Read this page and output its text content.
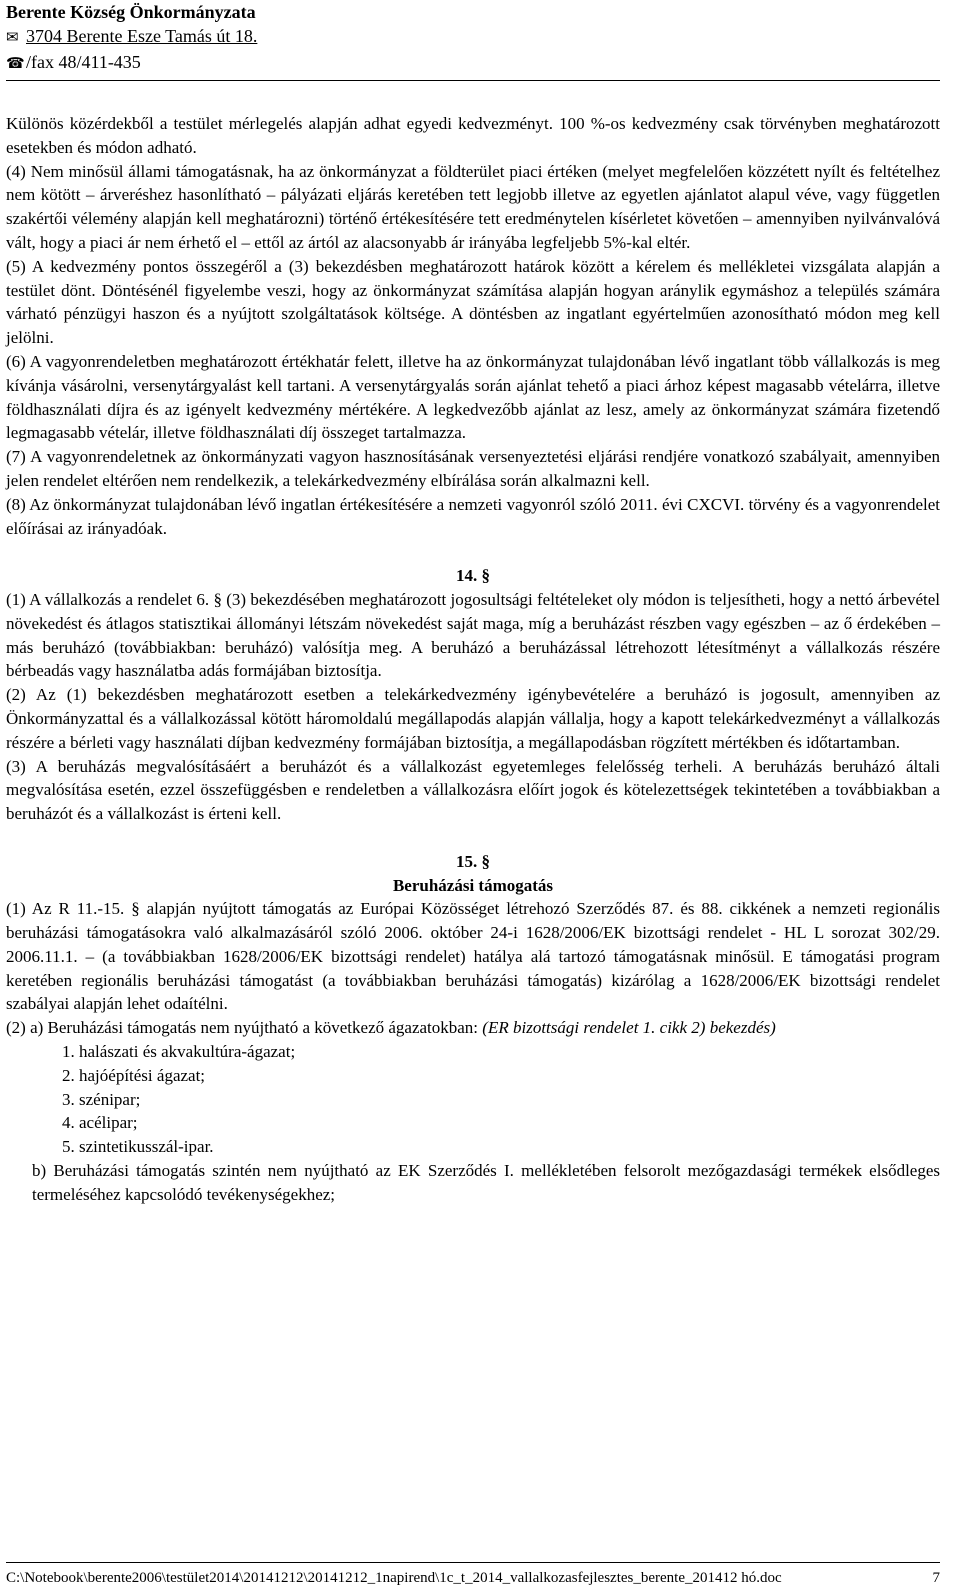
Berente Község Önkormányzata
✉ 3704 Berente Esze Tamás út 18.
☎/fax 48/411-435

Különös közérdekből a testület mérlegelés alapján adhat egyedi kedvezményt. 100 %-os kedvezmény csak törvényben meghatározott esetekben és módon adható.

(4) Nem minősül állami támogatásnak, ha az önkormányzat a földterület piaci értéken (melyet megfelelően közzétett nyílt és feltételhez nem kötött – árveréshez hasonlítható – pályázati eljárás keretében tett legjobb illetve az egyetlen ajánlatot alapul véve, vagy független szakértői vélemény alapján kell meghatározni) történő értékesítésére tett eredménytelen kísérletet követően – amennyiben nyilvánvalóvá vált, hogy a piaci ár nem érhető el – ettől az ártól az alacsonyabb ár irányába legfeljebb 5%-kal eltér.

(5) A kedvezmény pontos összegéről a (3) bekezdésben meghatározott határok között a kérelem és mellékletei vizsgálata alapján a testület dönt. Döntésénél figyelembe veszi, hogy az önkormányzat számítása alapján hogyan aránylik egymáshoz a település számára várható pénzügyi haszon és a nyújtott szolgáltatások költsége. A döntésben az ingatlant egyértelműen azonosítható módon meg kell jelölni.

(6) A vagyonrendeletben meghatározott értékhatár felett, illetve ha az önkormányzat tulajdonában lévő ingatlant több vállalkozás is meg kívánja vásárolni, versenytárgyalást kell tartani. A versenytárgyalás során ajánlat tehető a piaci árhoz képest magasabb vételárra, illetve földhasználati díjra és az igényelt kedvezmény mértékére. A legkedvezőbb ajánlat az lesz, amely az önkormányzat számára fizetendő legmagasabb vételár, illetve földhasználati díj összeget tartalmazza.

(7) A vagyonrendeletnek az önkormányzati vagyon hasznosításának versenyeztetési eljárási rendjére vonatkozó szabályait, amennyiben jelen rendelet eltérően nem rendelkezik, a telekárkedvezmény elbírálása során alkalmazni kell.

(8) Az önkormányzat tulajdonában lévő ingatlan értékesítésére a nemzeti vagyonról szóló 2011. évi CXCVI. törvény és a vagyonrendelet előírásai az irányadóak.

14. §

(1) A vállalkozás a rendelet 6. § (3) bekezdésében meghatározott jogosultsági feltételeket oly módon is teljesítheti, hogy a nettó árbevétel növekedést és átlagos statisztikai állományi létszám növekedést saját maga, míg a beruházást részben vagy egészben – az ő érdekében – más beruházó (továbbiakban: beruházó) valósítja meg. A beruházó a beruházással létrehozott létesítményt a vállalkozás részére bérbeadás vagy használatba adás formájában biztosítja.

(2) Az (1) bekezdésben meghatározott esetben a telekárkedvezmény igénybevételére a beruházó is jogosult, amennyiben az Önkormányzattal és a vállalkozással kötött háromoldalú megállapodás alapján vállalja, hogy a kapott telekárkedvezményt a vállalkozás részére a bérleti vagy használati díjban kedvezmény formájában biztosítja, a megállapodásban rögzített mértékben és időtartamban.

(3) A beruházás megvalósításáért a beruházót és a vállalkozást egyetemleges felelősség terheli. A beruházás beruházó általi megvalósítása esetén, ezzel összefüggésben e rendeletben a vállalkozásra előírt jogok és kötelezettségek tekintetében a továbbiakban a beruházót és a vállalkozást is érteni kell.

15. §

Beruházási támogatás

(1) Az R 11.-15. § alapján nyújtott támogatás az Európai Közösséget létrehozó Szerződés 87. és 88. cikkének a nemzeti regionális beruházási támogatásokra való alkalmazásáról szóló 2006. október 24-i 1628/2006/EK bizottsági rendelet - HL L sorozat 302/29. 2006.11.1. – (a továbbiakban 1628/2006/EK bizottsági rendelet) hatálya alá tartozó támogatásnak minősül. E támogatási program keretében regionális beruházási támogatást (a továbbiakban beruházási támogatás) kizárólag a 1628/2006/EK bizottsági rendelet szabályai alapján lehet odaítélni.

(2) a) Beruházási támogatás nem nyújtható a következő ágazatokban: (ER bizottsági rendelet 1. cikk 2) bekezdés)

1. halászati és akvakultúra-ágazat;

2. hajóépítési ágazat;

3. szénipar;

4. acélipar;

5. szintetikusszál-ipar.

b) Beruházási támogatás szintén nem nyújtható az EK Szerződés I. mellékletében felsorolt mezőgazdasági termékek elsődleges termeléséhez kapcsolódó tevékenységekhez;

C:\Notebook\berente2006\testület2014\20141212\20141212_1napirend\1c_t_2014_vallalkozasfejlesztes_berente_201412 hó.doc	7
